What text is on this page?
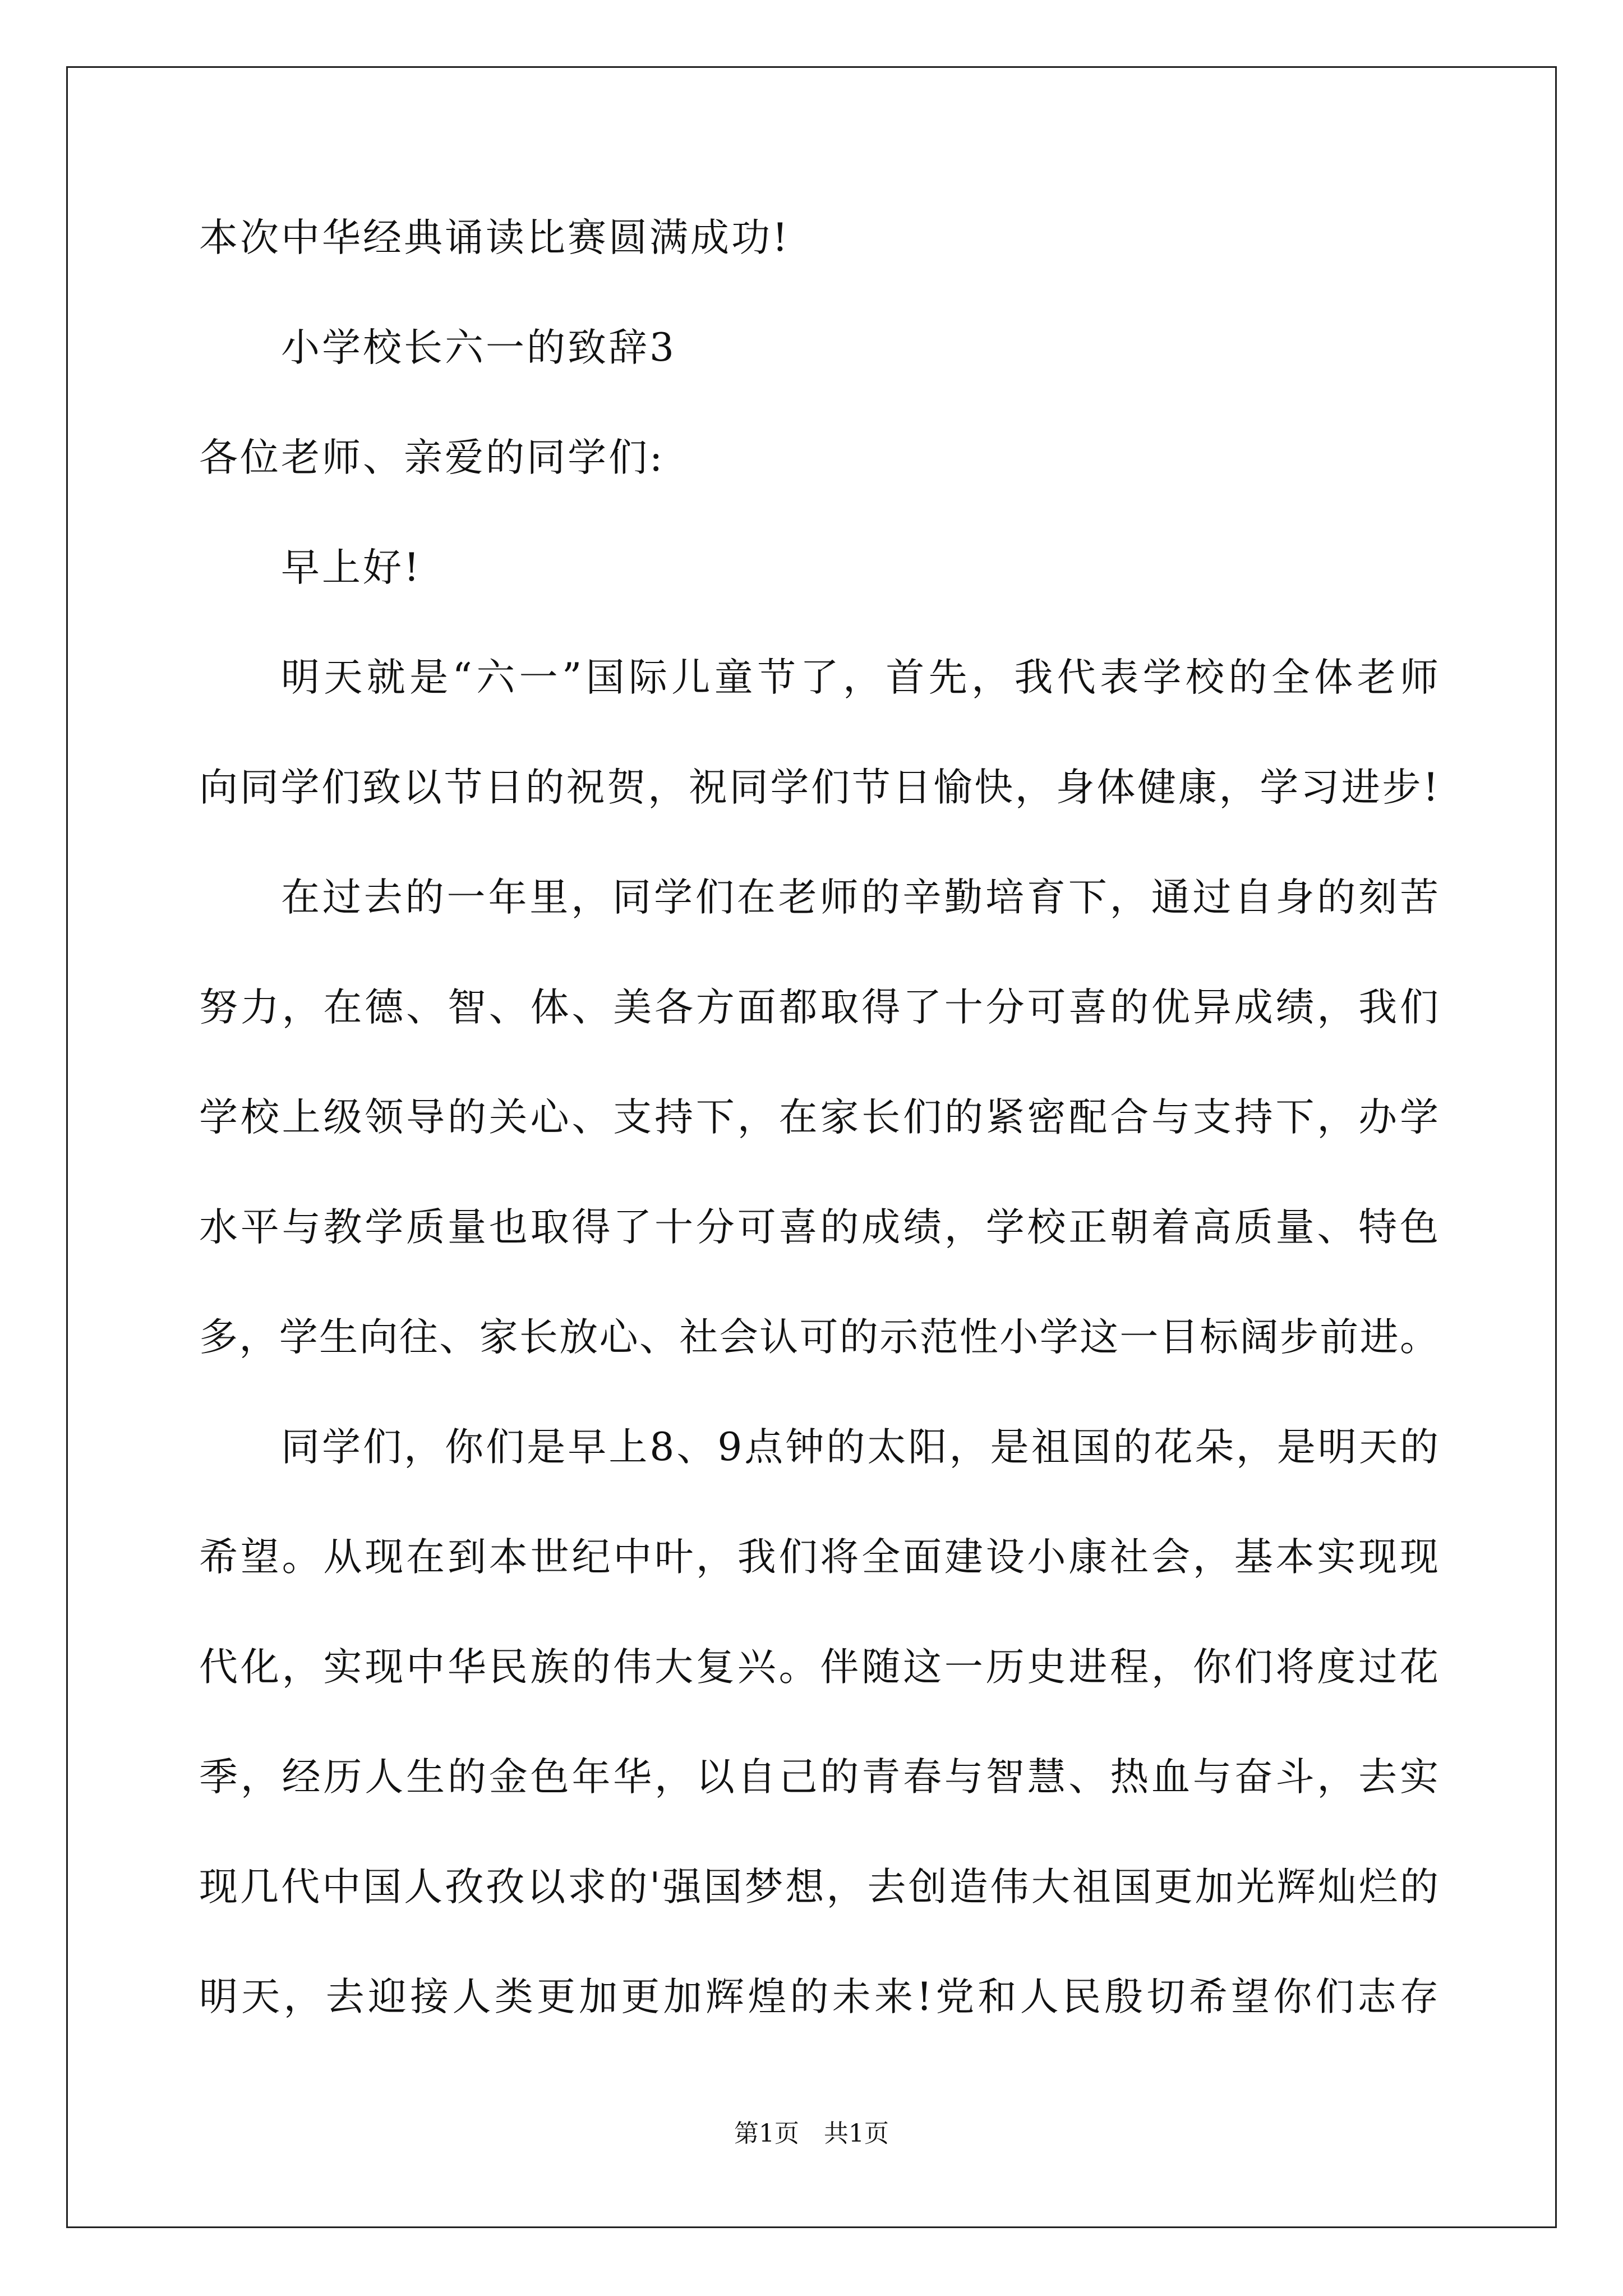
本次中华经典诵读比赛圆满成功!
小学校长六一的致辞3
各位老师、亲爱的同学们:
早上好!
明天就是“六一”国际儿童节了，首先，我代表学校的全体老师
向同学们致以节日的祝贺，祝同学们节日愉快，身体健康，学习进步!
在过去的一年里，同学们在老师的辛勤培育下，通过自身的刻苦
努力，在德、智、体、美各方面都取得了十分可喜的优异成绩，我们
学校上级领导的关心、支持下，在家长们的紧密配合与支持下，办学
水平与教学质量也取得了十分可喜的成绩，学校正朝着高质量、特色
多，学生向往、家长放心、社会认可的示范性小学这一目标阔步前进。
同学们，你们是早上8、9点钟的太阳，是祖国的花朵，是明天的
希望。从现在到本世纪中叶，我们将全面建设小康社会，基本实现现
代化，实现中华民族的伟大复兴。伴随这一历史进程，你们将度过花
季，经历人生的金色年华，以自己的青春与智慧、热血与奋斗，去实
现几代中国人孜孜以求的'强国梦想，去创造伟大祖国更加光辉灿烂的
明天，去迎接人类更加更加辉煌的未来!党和人民殷切希望你们志存
第1页　共1页
